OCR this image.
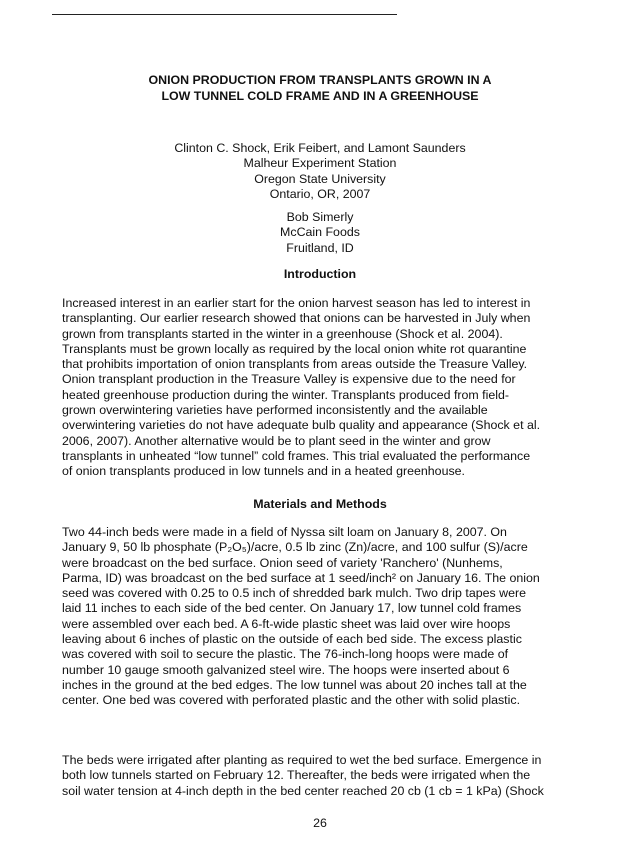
ONION PRODUCTION FROM TRANSPLANTS GROWN IN A
LOW TUNNEL COLD FRAME AND IN A GREENHOUSE
Clinton C. Shock, Erik Feibert, and Lamont Saunders
Malheur Experiment Station
Oregon State University
Ontario, OR, 2007
Bob Simerly
McCain Foods
Fruitland, ID
Introduction
Increased interest in an earlier start for the onion harvest season has led to interest in
transplanting. Our earlier research showed that onions can be harvested in July when
grown from transplants started in the winter in a greenhouse (Shock et al. 2004).
Transplants must be grown locally as required by the local onion white rot quarantine
that prohibits importation of onion transplants from areas outside the Treasure Valley.
Onion transplant production in the Treasure Valley is expensive due to the need for
heated greenhouse production during the winter. Transplants produced from field-
grown overwintering varieties have performed inconsistently and the available
overwintering varieties do not have adequate bulb quality and appearance (Shock et al.
2006, 2007). Another alternative would be to plant seed in the winter and grow
transplants in unheated “low tunnel” cold frames. This trial evaluated the performance
of onion transplants produced in low tunnels and in a heated greenhouse.
Materials and Methods
Two 44-inch beds were made in a field of Nyssa silt loam on January 8, 2007. On
January 9, 50 lb phosphate (P₂O₅)/acre, 0.5 lb zinc (Zn)/acre, and 100 sulfur (S)/acre
were broadcast on the bed surface. Onion seed of variety 'Ranchero' (Nunhems,
Parma, ID) was broadcast on the bed surface at 1 seed/inch² on January 16. The onion
seed was covered with 0.25 to 0.5 inch of shredded bark mulch. Two drip tapes were
laid 11 inches to each side of the bed center. On January 17, low tunnel cold frames
were assembled over each bed. A 6-ft-wide plastic sheet was laid over wire hoops
leaving about 6 inches of plastic on the outside of each bed side. The excess plastic
was covered with soil to secure the plastic. The 76-inch-long hoops were made of
number 10 gauge smooth galvanized steel wire. The hoops were inserted about 6
inches in the ground at the bed edges. The low tunnel was about 20 inches tall at the
center. One bed was covered with perforated plastic and the other with solid plastic.
The beds were irrigated after planting as required to wet the bed surface. Emergence in
both low tunnels started on February 12. Thereafter, the beds were irrigated when the
soil water tension at 4-inch depth in the bed center reached 20 cb (1 cb = 1 kPa) (Shock
26
